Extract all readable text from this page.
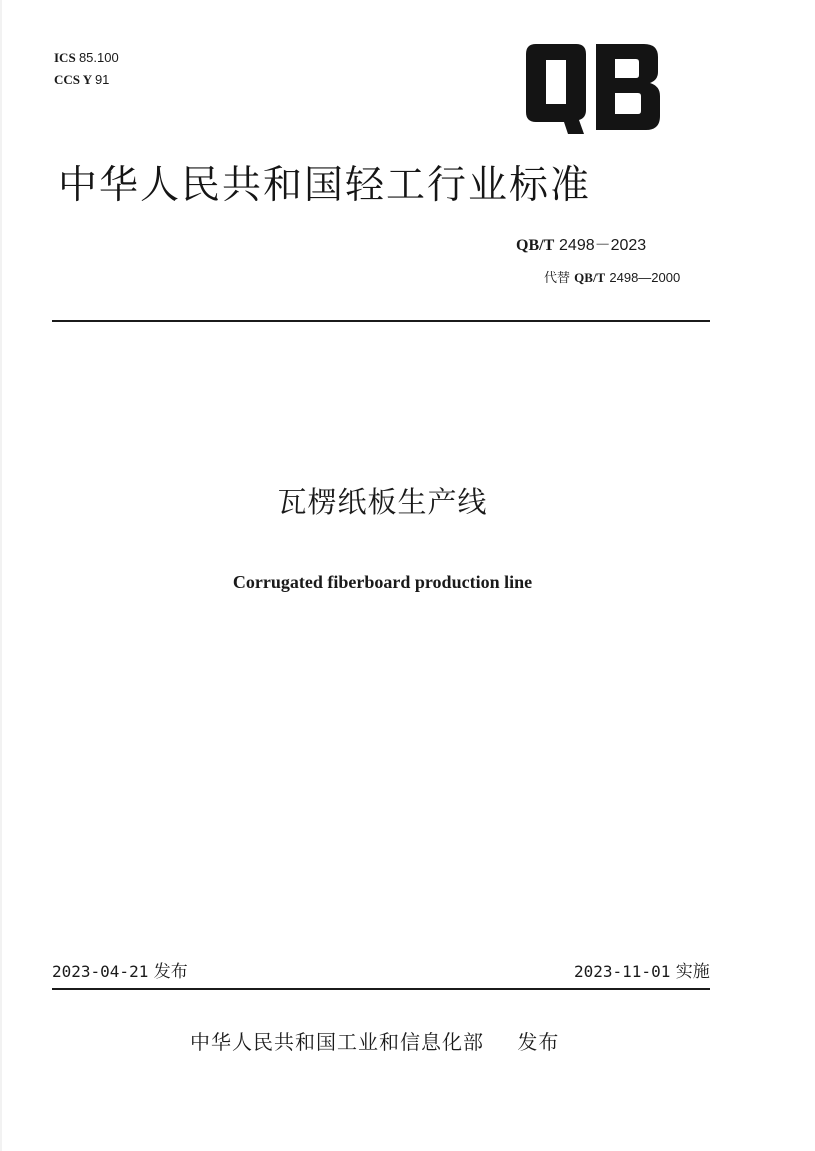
ICS 85.100
CCS Y 91
中华人民共和国轻工行业标准
QB/T 2498－2023
代替 QB/T 2498—2000
瓦楞纸板生产线
Corrugated fiberboard production line
2023-04-21 发布	2023-11-01 实施
中华人民共和国工业和信息化部 发布
